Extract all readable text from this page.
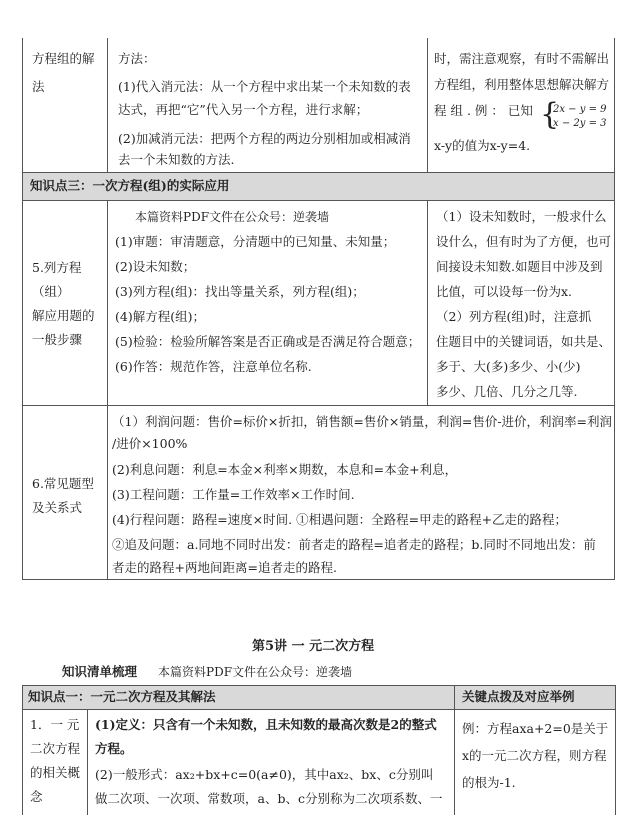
方程组的解
法
方法：
(1)代入消元法：从一个方程中求出某一个未知数的表
达式，再把“它”代入另一个方程，进行求解；
(2)加减消元法：把两个方程的两边分别相加或相减消
去一个未知数的方法.
时，需注意观察，有时不需解出
方程组，利用整体思想解决解方
程 组 . 例 ： 已知 {
2x − y = 9
x − 2y = 3
x-y的值为x-y=4.
知识点三：一次方程(组)的实际应用
5.列方程
（组）
解应用题的
一般步骤
本篇资料PDF文件在公众号：逆袭墙
(1)审题：审清题意，分清题中的已知量、未知量；
(2)设未知数；
(3)列方程(组)：找出等量关系，列方程(组)；
(4)解方程(组)；
(5)检验：检验所解答案是否正确或是否满足符合题意；
(6)作答：规范作答，注意单位名称.
（1）设未知数时，一般求什么
设什么，但有时为了方便，也可
间接设未知数.如题目中涉及到
比值，可以设每一份为x.
（2）列方程(组)时，注意抓
住题目中的关键词语，如共是、
多于、大(多)多少、小(少)
多少、几倍、几分之几等.
6.常见题型
及关系式
（1）利润问题：售价=标价×折扣，销售额=售价×销量，利润=售价-进价，利润率=利润
/进价×100%
(2)利息问题：利息=本金×利率×期数，本息和=本金+利息，
(3)工程问题：工作量=工作效率×工作时间.
(4)行程问题：路程=速度×时间. ①相遇问题：全路程=甲走的路程+乙走的路程；
②追及问题：a.同地不同时出发：前者走的路程=追者走的路程；b.同时不同地出发：前
者走的路程+两地间距离=追者走的路程.
第5讲 一 元二次方程
知识清单梳理 本篇资料PDF文件在公众号：逆袭墙
知识点一：一元二次方程及其解法	关键点拨及对应举例
1．一 元
二次方程
的相关概
念
(1)定义：只含有一个未知数，且未知数的最高次数是2的整式
方程。
(2)一般形式：ax₂+bx+c=0(a≠0)，其中ax₂、bx、c分别叫
做二次项、一次项、常数项，a、b、c分别称为二次项系数、一
例：方程axa+2=0是关于
x的一元二次方程，则方程
的根为-1.
